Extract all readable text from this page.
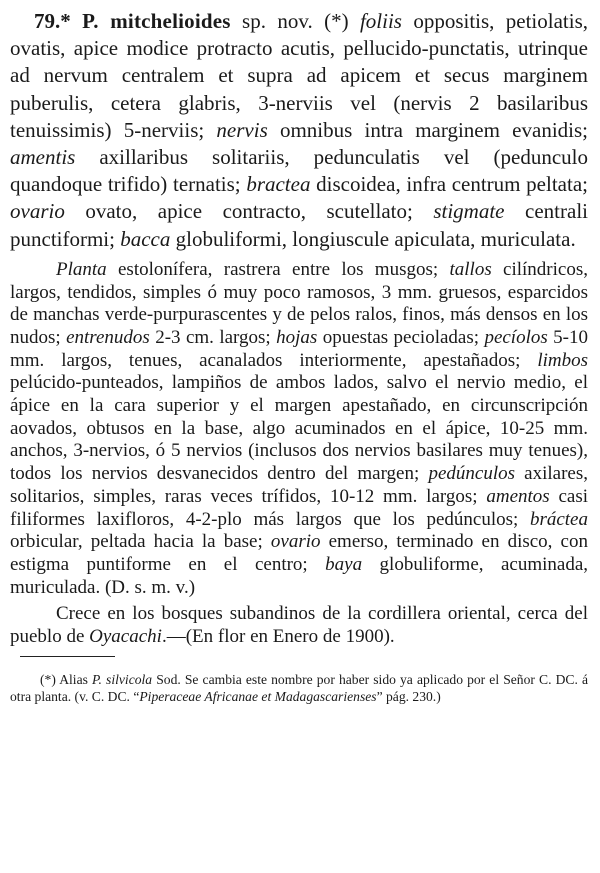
79.* P. mitchelioides sp. nov. (*) foliis oppositis, petiolatis, ovatis, apice modice protracto acutis, pellucido-punctatis, utrinque ad nervum centralem et supra ad apicem et secus marginem puberulis, cetera glabris, 3-nerviis vel (nervis 2 basilaribus tenuissimis) 5-nerviis; nervis omnibus intra marginem evanidis; amentis axillaribus solitariis, pedunculatis vel (pedunculo quandoque trifido) ternatis; bractea discoidea, infra centrum peltata; ovario ovato, apice contracto, scutellato; stigmate centrali punctiformi; bacca globuliformi, longiuscule apiculata, muriculata.

Planta estolonífera, rastrera entre los musgos; tallos cilíndricos, largos, tendidos, simples ó muy poco ramosos, 3 mm. gruesos, esparcidos de manchas verde-purpurascentes y de pelos ralos, finos, más densos en los nudos; entrenudos 2-3 cm. largos; hojas opuestas pecioladas; pecíolos 5-10 mm. largos, tenues, acanalados interiormente, apestañados; limbos pelúcido-punteados, lampiños de ambos lados, salvo el nervio medio, el ápice en la cara superior y el margen apestañado, en circunscripción aovados, obtusos en la base, algo acuminados en el ápice, 10-25 mm. anchos, 3-nervios, ó 5 nervios (inclusos dos nervios basilares muy tenues), todos los nervios desvanecidos dentro del margen; pedúnculos axilares, solitarios, simples, raras veces trífidos, 10-12 mm. largos; amentos casi filiformes laxifloros, 4-2-plo más largos que los pedúnculos; bráctea orbicular, peltada hacia la base; ovario emerso, terminado en disco, con estigma puntiforme en el centro; baya globuliforme, acuminada, muriculada. (D. s. m. v.)

Crece en los bosques subandinos de la cordillera oriental, cerca del pueblo de Oyacachi.—(En flor en Enero de 1900).

(*) Alias P. silvicola Sod. Se cambia este nombre por haber sido ya aplicado por el Señor C. DC. á otra planta. (v. C. DC. “Piperaceae Africanae et Madagascarienses” pág. 230.)
